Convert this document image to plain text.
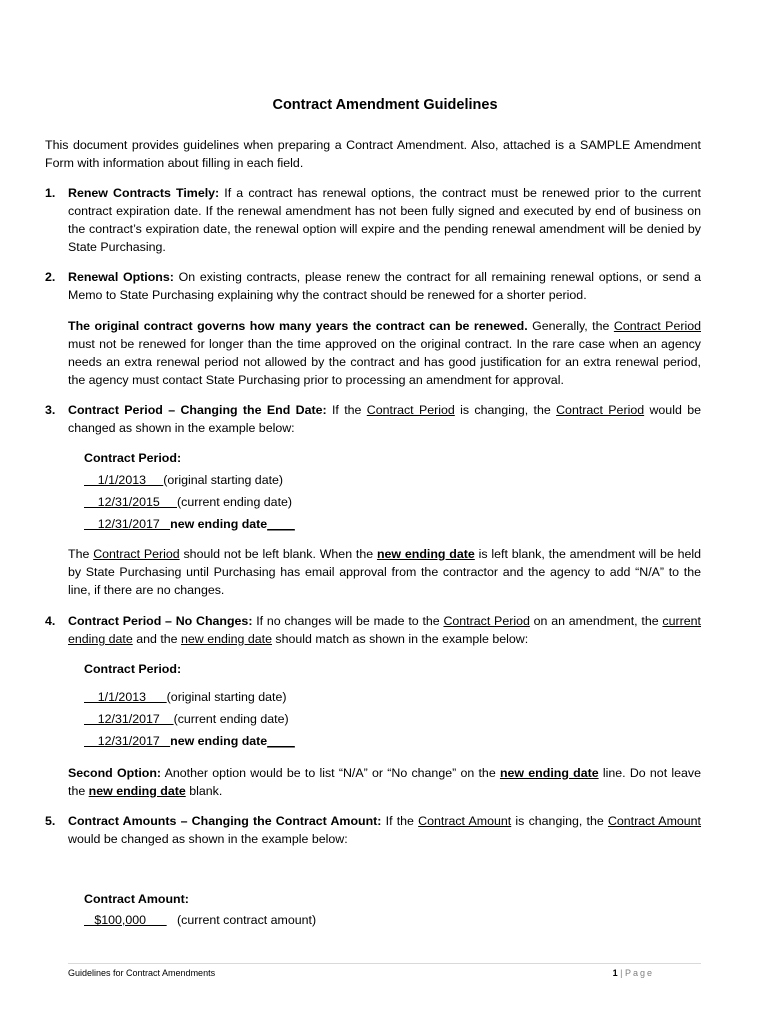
Contract Amendment Guidelines
This document provides guidelines when preparing a Contract Amendment. Also, attached is a SAMPLE Amendment Form with information about filling in each field.
1. Renew Contracts Timely: If a contract has renewal options, the contract must be renewed prior to the current contract expiration date. If the renewal amendment has not been fully signed and executed by end of business on the contract’s expiration date, the renewal option will expire and the pending renewal amendment will be denied by State Purchasing.
2. Renewal Options: On existing contracts, please renew the contract for all remaining renewal options, or send a Memo to State Purchasing explaining why the contract should be renewed for a shorter period.
The original contract governs how many years the contract can be renewed. Generally, the Contract Period must not be renewed for longer than the time approved on the original contract. In the rare case when an agency needs an extra renewal period not allowed by the contract and has good justification for an extra renewal period, the agency must contact State Purchasing prior to processing an amendment for approval.
3. Contract Period – Changing the End Date: If the Contract Period is changing, the Contract Period would be changed as shown in the example below:
Contract Period:
1/1/2013     (original starting date)
12/31/2015     (current ending date)
12/31/2017   new ending date____
The Contract Period should not be left blank. When the new ending date is left blank, the amendment will be held by State Purchasing until Purchasing has email approval from the contractor and the agency to add “N/A” to the line, if there are no changes.
4. Contract Period – No Changes: If no changes will be made to the Contract Period on an amendment, the current ending date and the new ending date should match as shown in the example below:
Contract Period:
1/1/2013      (original starting date)
12/31/2017    (current ending date)
12/31/2017   new ending date____
Second Option: Another option would be to list “N/A” or “No change” on the new ending date line. Do not leave the new ending date blank.
5. Contract Amounts – Changing the Contract Amount: If the Contract Amount is changing, the Contract Amount would be changed as shown in the example below:
Contract Amount:
$100,000         (current contract amount)
Guidelines for Contract Amendments	1 | Page
